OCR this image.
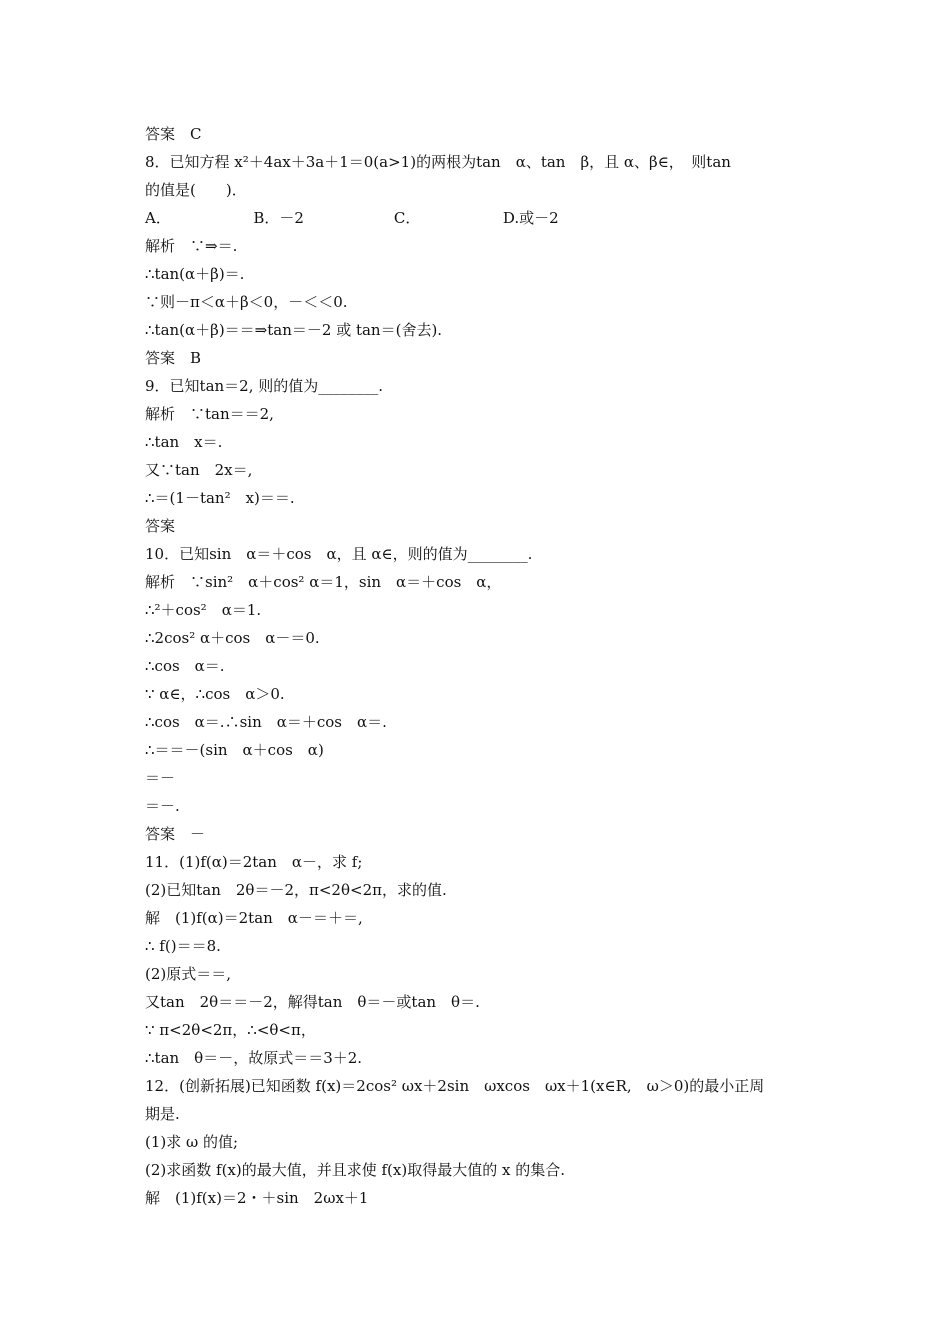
答案　C
8．已知方程 x²＋4ax＋3a＋1＝0(a>1)的两根为tan　α、tan　β，且 α、β∈，　则tan
的值是(　　)．
A．　　　　　　B．－2　　　　　　C．　　　　　　D.或－2
解析　∵⇒＝.
∴tan(α＋β)＝.
∵则－π＜α＋β＜0，－＜＜0.
∴tan(α＋β)＝＝⇒tan＝－2 或 tan＝(舍去).
答案　B
9．已知tan＝2, 则的值为________.
解析　∵tan＝＝2,
∴tan　x＝.
又∵tan　2x＝,
∴＝(1－tan²　x)＝＝.
答案
10．已知sin　α＝＋cos　α，且 α∈，则的值为________.
解析　∵sin²　α＋cos² α＝1，sin　α＝＋cos　α，
∴²＋cos²　α＝1.
∴2cos² α＋cos　α－＝0.
∴cos　α＝.
∵ α∈，∴cos　α＞0.
∴cos　α＝.∴sin　α＝＋cos　α＝.
∴＝＝－(sin　α＋cos　α)
＝－
＝－.
答案　－
11．(1)f(α)＝2tan　α－，求 f;
(2)已知tan　2θ＝－2，π<2θ<2π，求的值.
解　(1)f(α)＝2tan　α－＝＋＝,
∴ f()＝＝8.
(2)原式＝＝,
又tan　2θ＝＝－2，解得tan　θ＝－或tan　θ＝.
∵ π<2θ<2π，∴<θ<π，
∴tan　θ＝－，故原式＝＝3＋2.
12．(创新拓展)已知函数 f(x)＝2cos² ωx＋2sin　ωxcos　ωx＋1(x∈R,　ω＞0)的最小正周
期是.
(1)求 ω 的值;
(2)求函数 f(x)的最大值，并且求使 f(x)取得最大值的 x 的集合.
解　(1)f(x)＝2・＋sin　2ωx＋1
